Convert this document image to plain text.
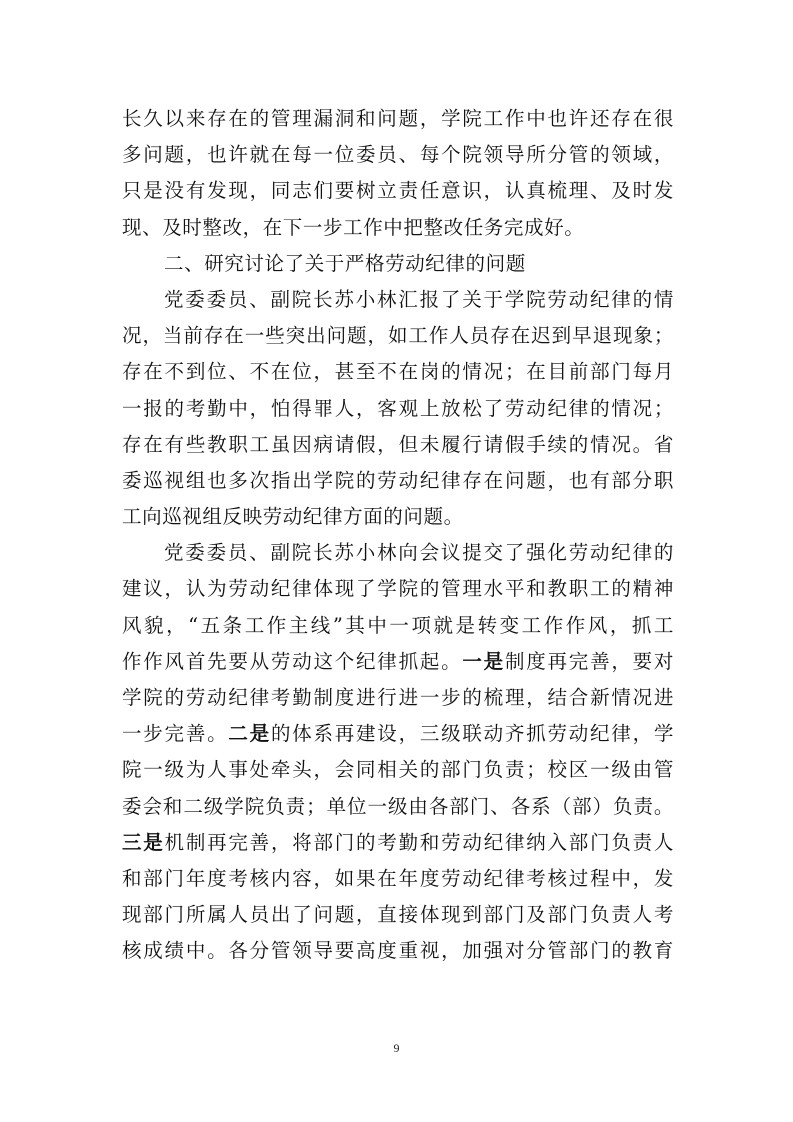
长久以来存在的管理漏洞和问题，学院工作中也许还存在很
多问题，也许就在每一位委员、每个院领导所分管的领域，
只是没有发现，同志们要树立责任意识，认真梳理、及时发
现、及时整改，在下一步工作中把整改任务完成好。
二、研究讨论了关于严格劳动纪律的问题
党委委员、副院长苏小林汇报了关于学院劳动纪律的情
况，当前存在一些突出问题，如工作人员存在迟到早退现象；
存在不到位、不在位，甚至不在岗的情况；在目前部门每月
一报的考勤中，怕得罪人，客观上放松了劳动纪律的情况；
存在有些教职工虽因病请假，但未履行请假手续的情况。省
委巡视组也多次指出学院的劳动纪律存在问题，也有部分职
工向巡视组反映劳动纪律方面的问题。
党委委员、副院长苏小林向会议提交了强化劳动纪律的
建议，认为劳动纪律体现了学院的管理水平和教职工的精神
风貌，“五条工作主线”其中一项就是转变工作作风，抓工
作作风首先要从劳动这个纪律抓起。一是制度再完善，要对
学院的劳动纪律考勤制度进行进一步的梳理，结合新情况进
一步完善。二是的体系再建设，三级联动齐抓劳动纪律，学
院一级为人事处牵头，会同相关的部门负责；校区一级由管
委会和二级学院负责；单位一级由各部门、各系（部）负责。
三是机制再完善，将部门的考勤和劳动纪律纳入部门负责人
和部门年度考核内容，如果在年度劳动纪律考核过程中，发
现部门所属人员出了问题，直接体现到部门及部门负责人考
核成绩中。各分管领导要高度重视，加强对分管部门的教育
9
